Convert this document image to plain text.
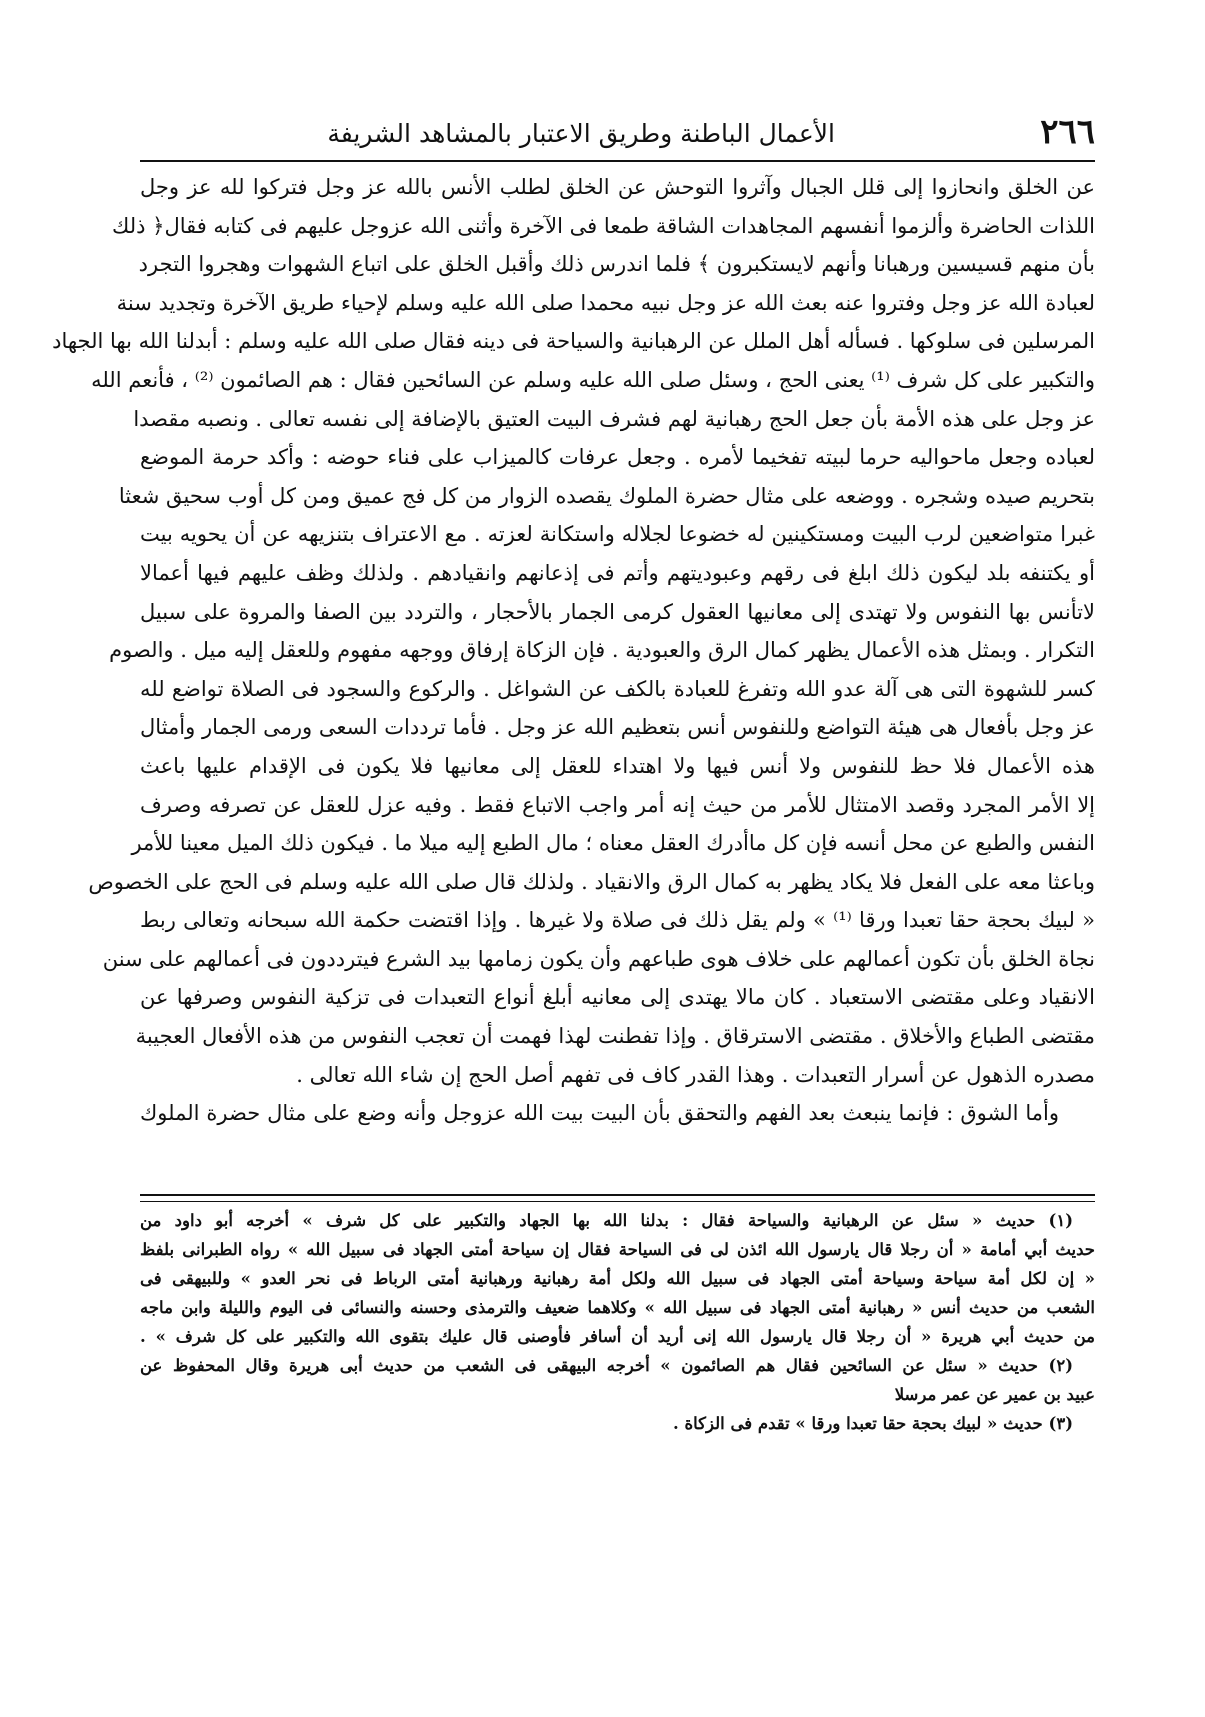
٢٦٦
الأعمال الباطنة وطريق الاعتبار بالمشاهد الشريفة
عن الخلق وانحازوا إلى قلل الجبال وآثروا التوحش عن الخلق لطلب الأنس بالله عز وجل فتركوا لله عز وجل
اللذات الحاضرة وألزموا أنفسهم المجاهدات الشاقة طمعا فى الآخرة وأثنى الله عزوجل عليهم فى كتابه فقال﴿ ذلك
بأن منهم قسيسين ورهبانا وأنهم لايستكبرون ﴾ فلما اندرس ذلك وأقبل الخلق على اتباع الشهوات وهجروا التجرد
لعبادة الله عز وجل وفتروا عنه بعث الله عز وجل نبيه محمدا صلى الله عليه وسلم لإحياء طريق الآخرة وتجديد سنة
المرسلين فى سلوكها . فسأله أهل الملل عن الرهبانية والسياحة فى دينه فقال صلى الله عليه وسلم : أبدلنا الله بها الجهاد
والتكبير على كل شرف ⁽¹⁾ يعنى الحج ، وسئل صلى الله عليه وسلم عن السائحين فقال : هم الصائمون ⁽²⁾ ، فأنعم الله
عز وجل على هذه الأمة بأن جعل الحج رهبانية لهم فشرف البيت العتيق بالإضافة إلى نفسه تعالى . ونصبه مقصدا
لعباده وجعل ماحواليه حرما لبيته تفخيما لأمره . وجعل عرفات كالميزاب على فناء حوضه : وأكد حرمة الموضع
بتحريم صيده وشجره . ووضعه على مثال حضرة الملوك يقصده الزوار من كل فج عميق ومن كل أوب سحيق شعثا
غبرا متواضعين لرب البيت ومستكينين له خضوعا لجلاله واستكانة لعزته . مع الاعتراف بتنزيهه عن أن يحويه بيت
أو يكتنفه بلد ليكون ذلك ابلغ فى رقهم وعبوديتهم وأتم فى إذعانهم وانقيادهم . ولذلك وظف عليهم فيها أعمالا
لاتأنس بها النفوس ولا تهتدى إلى معانيها العقول كرمى الجمار بالأحجار ، والتردد بين الصفا والمروة على سبيل
التكرار . وبمثل هذه الأعمال يظهر كمال الرق والعبودية . فإن الزكاة إرفاق ووجهه مفهوم وللعقل إليه ميل . والصوم
كسر للشهوة التى هى آلة عدو الله وتفرغ للعبادة بالكف عن الشواغل . والركوع والسجود فى الصلاة تواضع لله
عز وجل بأفعال هى هيئة التواضع وللنفوس أنس بتعظيم الله عز وجل . فأما ترددات السعى ورمى الجمار وأمثال
هذه الأعمال فلا حظ للنفوس ولا أنس فيها ولا اهتداء للعقل إلى معانيها فلا يكون فى الإقدام عليها باعث
إلا الأمر المجرد وقصد الامتثال للأمر من حيث إنه أمر واجب الاتباع فقط . وفيه عزل للعقل عن تصرفه وصرف
النفس والطبع عن محل أنسه فإن كل ماأدرك العقل معناه ؛ مال الطبع إليه ميلا ما . فيكون ذلك الميل معينا للأمر
وباعثا معه على الفعل فلا يكاد يظهر به كمال الرق والانقياد . ولذلك قال صلى الله عليه وسلم فى الحج على الخصوص
« لبيك بحجة حقا تعبدا ورقا ⁽¹⁾ » ولم يقل ذلك فى صلاة ولا غيرها . وإذا اقتضت حكمة الله سبحانه وتعالى ربط
نجاة الخلق بأن تكون أعمالهم على خلاف هوى طباعهم وأن يكون زمامها بيد الشرع فيترددون فى أعمالهم على سنن
الانقياد وعلى مقتضى الاستعباد . كان مالا يهتدى إلى معانيه أبلغ أنواع التعبدات فى تزكية النفوس وصرفها عن
مقتضى الطباع والأخلاق . مقتضى الاسترقاق . وإذا تفطنت لهذا فهمت أن تعجب النفوس من هذه الأفعال العجيبة
مصدره الذهول عن أسرار التعبدات . وهذا القدر كاف فى تفهم أصل الحج إن شاء الله تعالى .
وأما الشوق : فإنما ينبعث بعد الفهم والتحقق بأن البيت بيت الله عزوجل وأنه وضع على مثال حضرة الملوك
(١) حديث « سئل عن الرهبانية والسياحة فقال : بدلنا الله بها الجهاد والتكبير على كل شرف » أخرجه أبو داود من
حديث أبي أمامة « أن رجلا قال يارسول الله ائذن لى فى السياحة فقال إن سياحة أمتى الجهاد فى سبيل الله » رواه الطبرانى بلفظ
« إن لكل أمة سياحة وسياحة أمتى الجهاد فى سبيل الله ولكل أمة رهبانية ورهبانية أمتى الرباط فى نحر العدو » وللبيهقى فى
الشعب من حديث أنس « رهبانية أمتى الجهاد فى سبيل الله » وكلاهما ضعيف والترمذى وحسنه والنسائى فى اليوم والليلة وابن ماجه
من حديث أبي هريرة « أن رجلا قال يارسول الله إنى أريد أن أسافر فأوصنى قال عليك بتقوى الله والتكبير على كل شرف » .
(٢) حديث « سئل عن السائحين فقال هم الصائمون » أخرجه البيهقى فى الشعب من حديث أبى هريرة وقال المحفوظ عن
عبيد بن عمير عن عمر مرسلا
(٣) حديث « لبيك بحجة حقا تعبدا ورقا » تقدم فى الزكاة .
